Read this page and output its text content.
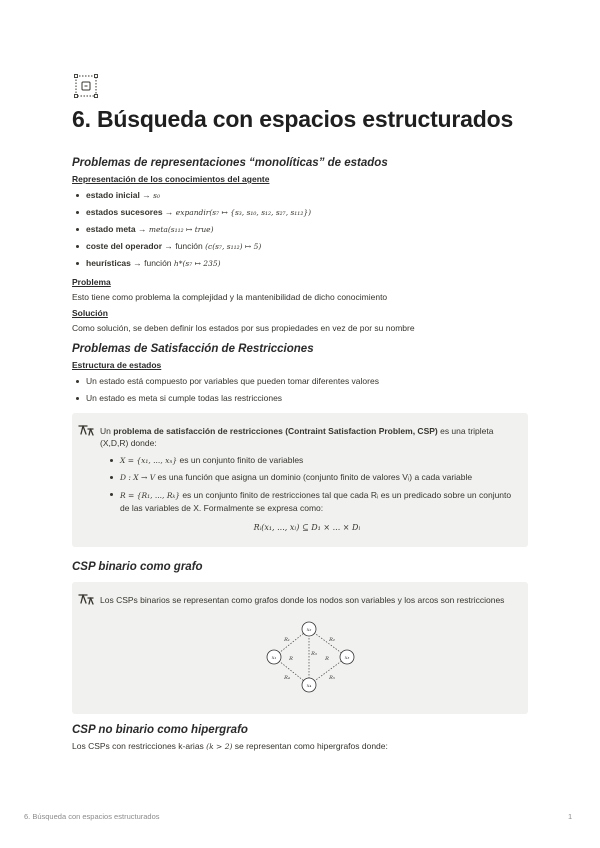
6. Búsqueda con espacios estructurados
Problemas de representaciones “monolíticas” de estados
Representación de los conocimientos del agente
estado inicial → s₀
estados sucesores → expandir(s₇ ↦ {s₃, s₁₀, s₁₂, s₂₇, s₁₁₂})
estado meta → meta(s₁₁₂ ↦ true)
coste del operador → función (c(s₇, s₁₁₂) ↦ 5)
heurísticas → función h*(s₇ ↦ 235)
Problema
Esto tiene como problema la complejidad y la mantenibilidad de dicho conocimiento
Solución
Como solución, se deben definir los estados por sus propiedades en vez de por su nombre
Problemas de Satisfacción de Restricciones
Estructura de estados
Un estado está compuesto por variables que pueden tomar diferentes valores
Un estado es meta si cumple todas las restricciones
Un problema de satisfacción de restricciones (Contraint Satisfaction Problem, CSP) es una tripleta (X,D,R) donde:
X = {x₁, ..., xₙ} es un conjunto finito de variables
D : X → V es una función que asigna un dominio (conjunto finito de valores Vᵢ) a cada variable
R = {R₁, ..., Rₖ} es un conjunto finito de restricciones tal que cada Rᵢ es un predicado sobre un conjunto de las variables de X. Formalmente se expresa como:
Rᵢ(x₁, ..., xₗ) ⊆ D₁ × ... × Dₗ
CSP binario como grafo
Los CSPs binarios se representan como grafos donde los nodos son variables y los arcos son restricciones
x₁
x₂
x₃
x₄
R₁	R₂
R₃
R₄	R₅
R	R
CSP no binario como hipergrafo
Los CSPs con restricciones k-arias (k > 2) se representan como hipergrafos donde:
6. Búsqueda con espacios estructurados	1
